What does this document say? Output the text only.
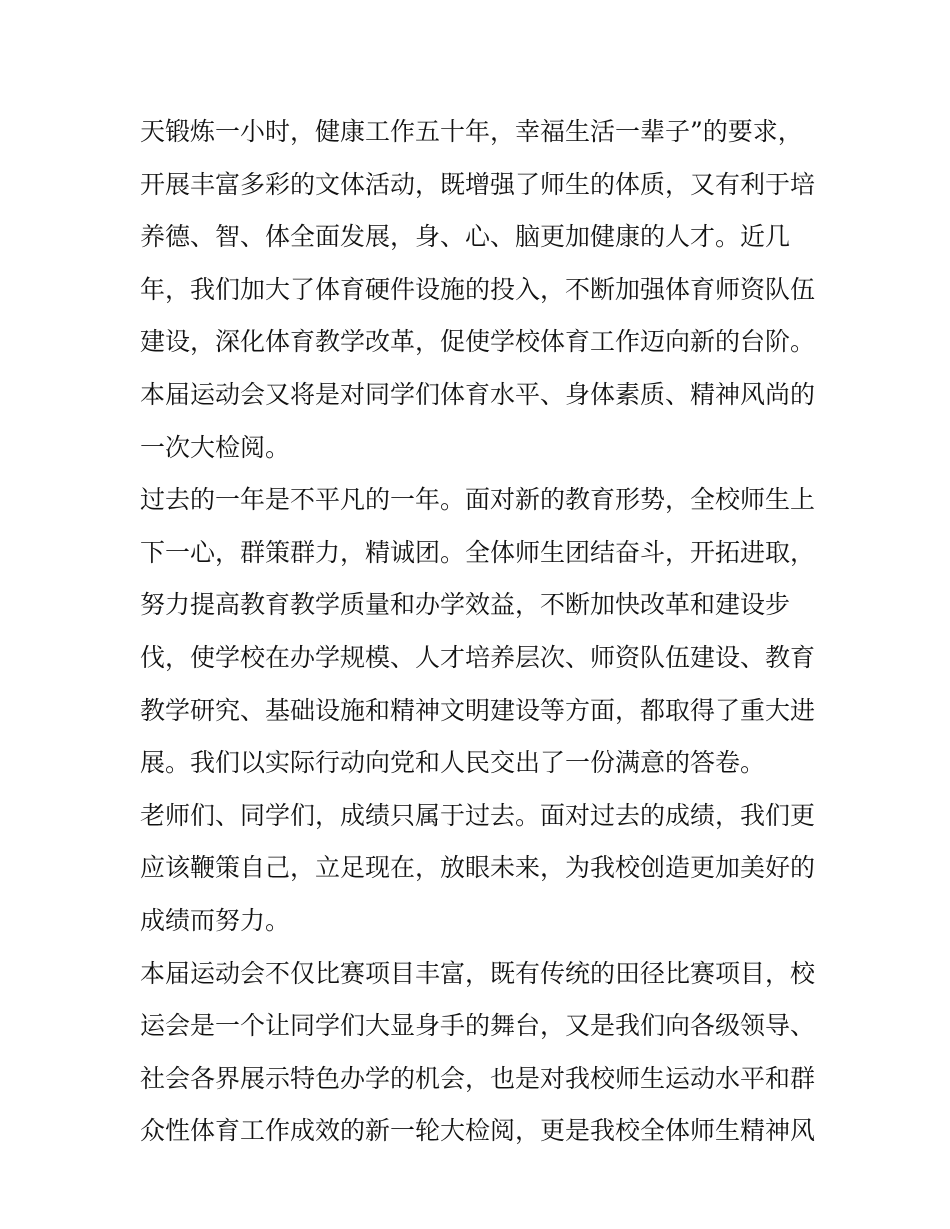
天锻炼一小时，健康工作五十年，幸福生活一辈子”的要求，
开展丰富多彩的文体活动，既增强了师生的体质，又有利于培
养德、智、体全面发展，身、心、脑更加健康的人才。近几
年，我们加大了体育硬件设施的投入，不断加强体育师资队伍
建设，深化体育教学改革，促使学校体育工作迈向新的台阶。
本届运动会又将是对同学们体育水平、身体素质、精神风尚的
一次大检阅。
过去的一年是不平凡的一年。面对新的教育形势，全校师生上
下一心，群策群力，精诚团。全体师生团结奋斗，开拓进取，
努力提高教育教学质量和办学效益，不断加快改革和建设步
伐，使学校在办学规模、人才培养层次、师资队伍建设、教育
教学研究、基础设施和精神文明建设等方面，都取得了重大进
展。我们以实际行动向党和人民交出了一份满意的答卷。
老师们、同学们，成绩只属于过去。面对过去的成绩，我们更
应该鞭策自己，立足现在，放眼未来，为我校创造更加美好的
成绩而努力。
本届运动会不仅比赛项目丰富，既有传统的田径比赛项目，校
运会是一个让同学们大显身手的舞台，又是我们向各级领导、
社会各界展示特色办学的机会，也是对我校师生运动水平和群
众性体育工作成效的新一轮大检阅，更是我校全体师生精神风
